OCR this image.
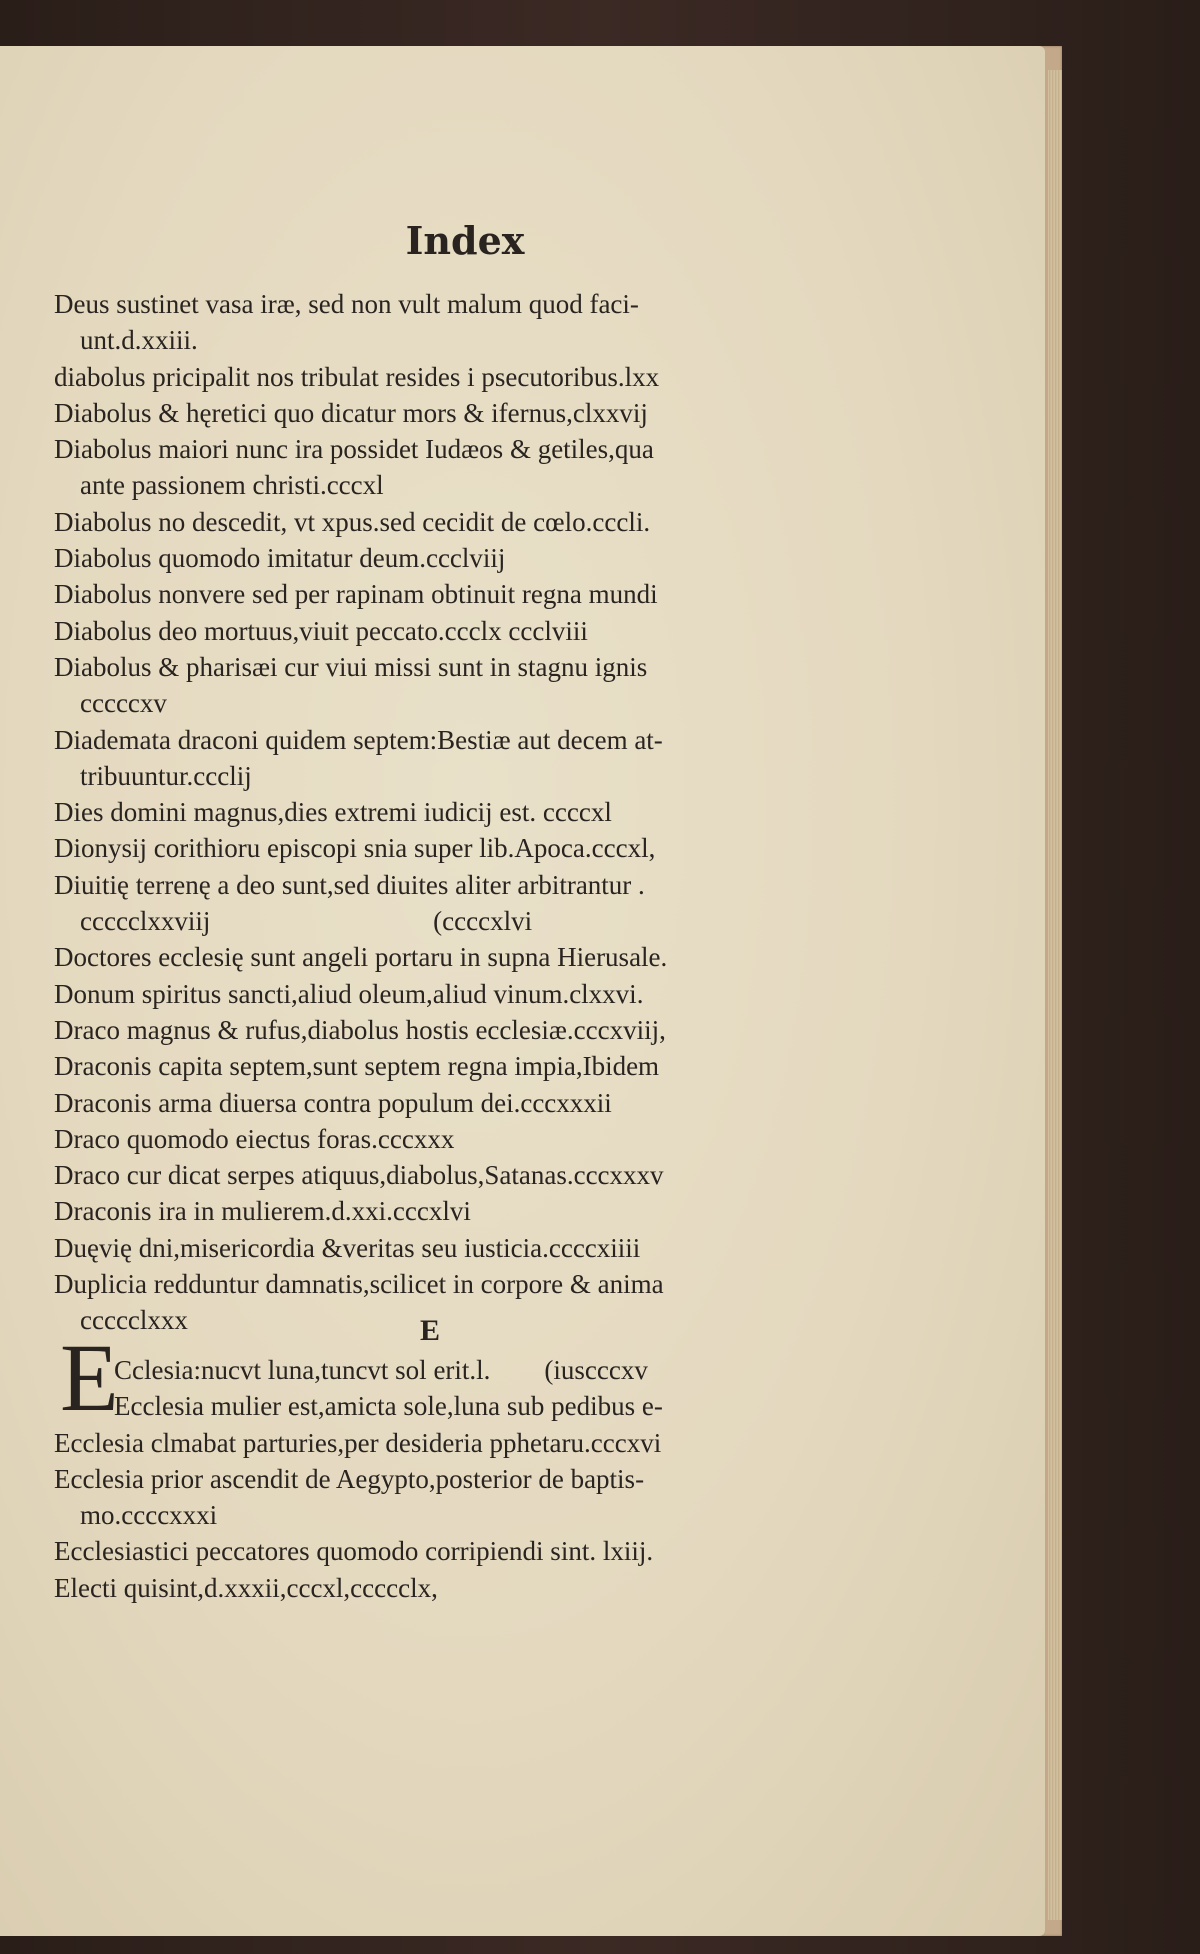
Index
Deus sustinet vasa iræ, sed non vult malum quod faci-
unt.d.xxiii.
diabolus pricipalit nos tribulat resides i psecutoribus.lxx
Diabolus & hęretici quo dicatur mors & ifernus,clxxvij
Diabolus maiori nunc ira possidet Iudæos & getiles,qua
ante passionem christi.cccxl
Diabolus no descedit, vt xpus.sed cecidit de cœlo.cccli.
Diabolus quomodo imitatur deum.ccclviij
Diabolus nonvere sed per rapinam obtinuit regna mundi
Diabolus deo mortuus,viuit peccato.ccclx ccclviii
Diabolus & pharisæi cur viui missi sunt in stagnu ignis
cccccxv
Diademata draconi quidem septem:Bestiæ aut decem at-
tribuuntur.ccclij
Dies domini magnus,dies extremi iudicij est. ccccxl
Dionysij corithioru episcopi snia super lib.Apoca.cccxl,
Diuitię terrenę a deo sunt,sed diuites aliter arbitrantur .
ccccclxxviij                                 (ccccxlvi
Doctores ecclesię sunt angeli portaru in supna Hierusale.
Donum spiritus sancti,aliud oleum,aliud vinum.clxxvi.
Draco magnus & rufus,diabolus hostis ecclesiæ.cccxviij,
Draconis capita septem,sunt septem regna impia,Ibidem
Draconis arma diuersa contra populum dei.cccxxxii
Draco quomodo eiectus foras.cccxxx
Draco cur dicat serpes atiquus,diabolus,Satanas.cccxxxv
Draconis ira in mulierem.d.xxi.cccxlvi
Duęvię dni,misericordia &veritas seu iusticia.ccccxiiii
Duplicia redduntur damnatis,scilicet in corpore & anima
ccccclxxx	E
E
Cclesia:nucvt luna,tuncvt sol erit.l.        (iuscccxv
Ecclesia mulier est,amicta sole,luna sub pedibus e-
Ecclesia clmabat parturies,per desideria pphetaru.cccxvi
Ecclesia prior ascendit de Aegypto,posterior de baptis-
mo.ccccxxxi
Ecclesiastici peccatores quomodo corripiendi sint. lxiij.
Electi quisint,d.xxxii,cccxl,ccccclx,
